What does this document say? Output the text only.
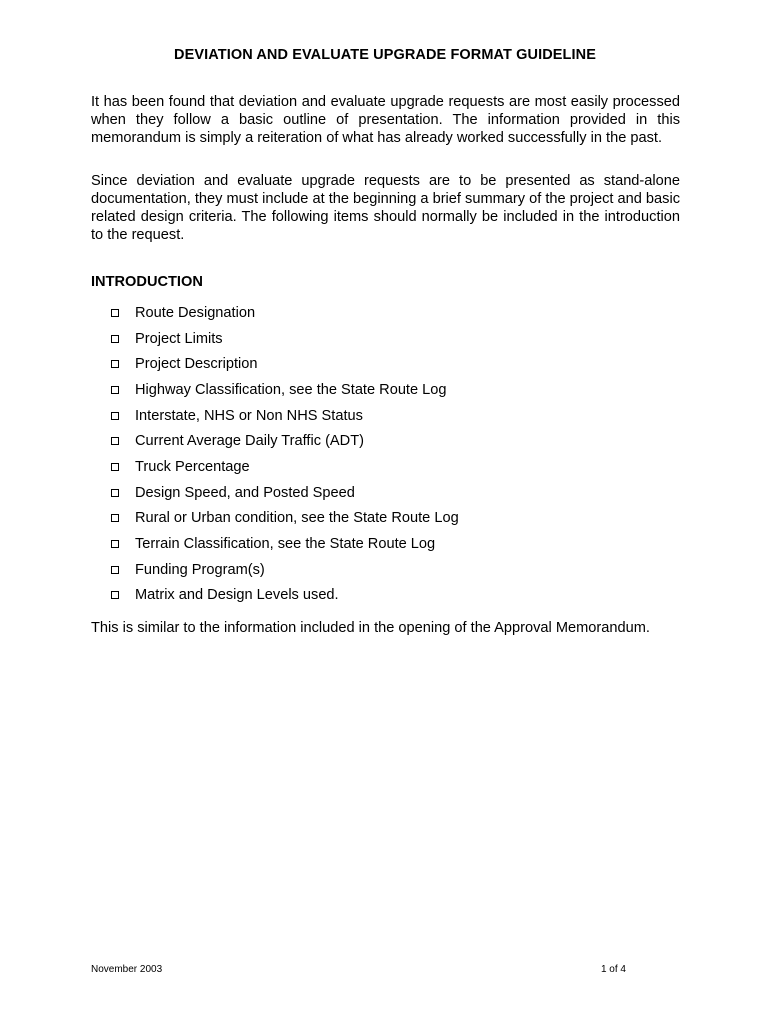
DEVIATION AND EVALUATE UPGRADE FORMAT GUIDELINE

It has been found that deviation and evaluate upgrade requests are most easily processed when they follow a basic outline of presentation. The information provided in this memorandum is simply a reiteration of what has already worked successfully in the past.

Since deviation and evaluate upgrade requests are to be presented as stand-alone documentation, they must include at the beginning a brief summary of the project and basic related design criteria. The following items should normally be included in the introduction to the request.

INTRODUCTION
Route Designation
Project Limits
Project Description
Highway Classification, see the State Route Log
Interstate, NHS or Non NHS Status
Current Average Daily Traffic (ADT)
Truck Percentage
Design Speed, and Posted Speed
Rural or Urban condition, see the State Route Log
Terrain Classification, see the State Route Log
Funding Program(s)
Matrix and Design Levels used.

This is similar to the information included in the opening of the Approval Memorandum.

November 2003	1 of 4
